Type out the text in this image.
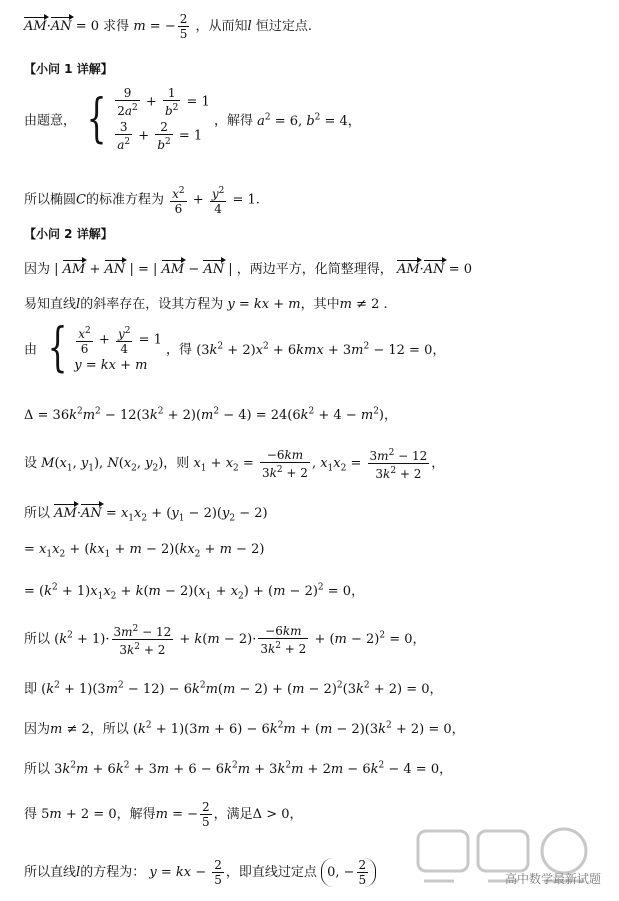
AM·AN = 0 求得 m = − $\frac{2}{5}$ ，从而知l 恒过定点.
【小问 1 详解】
由题意， { $\frac{9}{2a^2} + \frac{1}{b^2} = 1$
$\frac{3}{a^2} + \frac{2}{b^2} = 1$
，解得 $a^2 = 6$, $b^2 = 4$，
所以椭圆C的标准方程为 $\frac{x^2}{6} + \frac{y^2}{4} = 1$.
【小问 2 详解】
因为 | AM + AN | = | AM − AN | ，两边平方，化简整理得， AM·AN = 0
易知直线l的斜率存在，设其方程为 y = kx + m，其中m ≠ 2 .
由 { $\frac{x^2}{6} + \frac{y^2}{4} = 1$
y = kx + m
，得 $(3k^2 + 2)x^2 + 6kmx + 3m^2 - 12 = 0$，
$\Delta = 36k^2m^2 - 12(3k^2 + 2)(m^2 - 4) = 24(6k^2 + 4 - m^2)$，
设 $M(x_1$, $y_1$), $N(x_2$, $y_2$)，则 $x_1 + x_2 = \frac{-6km}{3k^2 + 2}$ , $x_1x_2 = \frac{3m^2 - 12}{3k^2 + 2}$ ，
所以 $AM\cdot AN = x_1x_2 + (y_1 - 2)(y_2 - 2)$
= $x_1x_2 + (kx_1 + m - 2)(kx_2 + m - 2)$
= $(k^2 + 1)x_1x_2 + k(m - 2)(x_1 + x_2) + (m - 2)^2 = 0$，
所以 $(k^2 + 1)\cdot \frac{3m^2 - 12}{3k^2 + 2} + k(m - 2)\cdot \frac{-6km}{3k^2 + 2} + (m - 2)^2 = 0$，
即 $(k^2 + 1)(3m^2 - 12) - 6k^2m(m - 2) + (m - 2)^2(3k^2 + 2) = 0$，
因为m ≠ 2，所以 $(k^2 + 1)(3m + 6) - 6k^2m + (m - 2)(3k^2 + 2) = 0$，
所以 $3k^2m + 6k^2 + 3m + 6 - 6k^2m + 3k^2m + 2m - 6k^2 - 4 = 0$，
得 5m + 2 = 0，解得m = − $\frac{2}{5}$ ，满足Δ > 0，
所以直线l的方程为： y = kx − $\frac{2}{5}$ ，即直线过定点 0, − $\frac{2}{5}$	高中数学最新试题
